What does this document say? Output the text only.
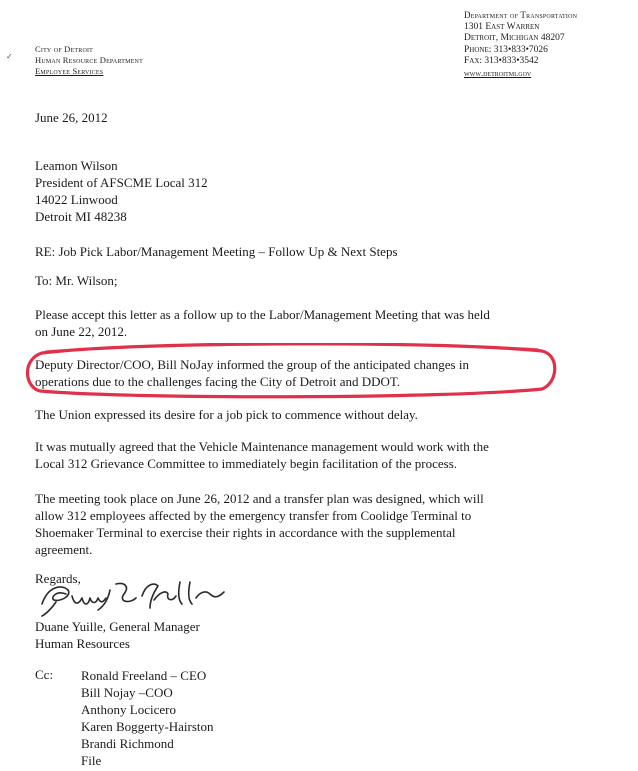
✓
City of Detroit
Human Resource Department
Employee Services
Department of Transportation
1301 East Warren
Detroit, Michigan 48207
Phone: 313•833•7026
Fax: 313•833•3542
www.detroitmi.gov
June 26, 2012
Leamon Wilson
President of AFSCME Local 312
14022 Linwood
Detroit MI 48238
RE: Job Pick Labor/Management Meeting – Follow Up & Next Steps
To: Mr. Wilson;
Please accept this letter as a follow up to the Labor/Management Meeting that was held
on June 22, 2012.
Deputy Director/COO, Bill NoJay informed the group of the anticipated changes in
operations due to the challenges facing the City of Detroit and DDOT.
The Union expressed its desire for a job pick to commence without delay.
It was mutually agreed that the Vehicle Maintenance management would work with the
Local 312 Grievance Committee to immediately begin facilitation of the process.
The meeting took place on June 26, 2012 and a transfer plan was designed, which will
allow 312 employees affected by the emergency transfer from Coolidge Terminal to
Shoemaker Terminal to exercise their rights in accordance with the supplemental
agreement.
Regards,
Duane Yuille, General Manager
Human Resources
Cc: Ronald Freeland – CEO
Bill Nojay –COO
Anthony Locicero
Karen Boggerty-Hairston
Brandi Richmond
File
